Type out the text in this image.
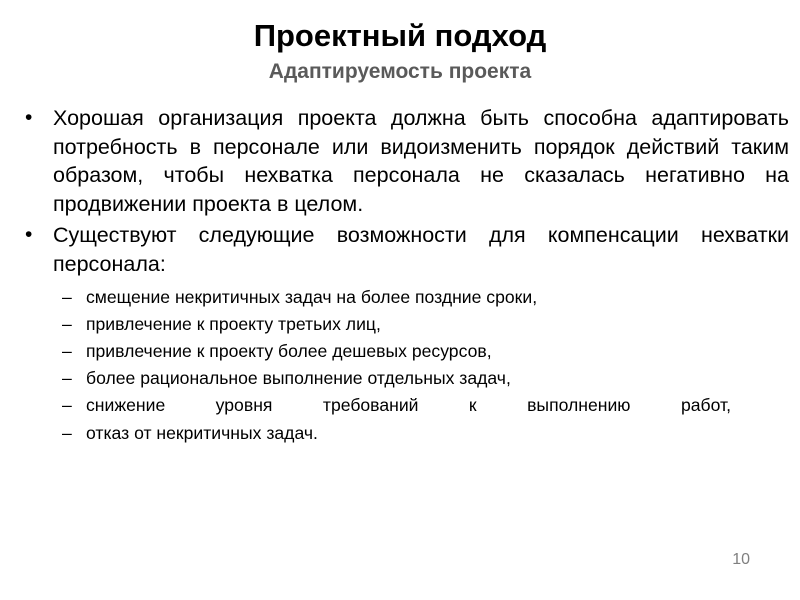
Проектный подход
Адаптируемость проекта
• Хорошая организация проекта должна быть способна адаптировать потребность в персонале или видоизменить порядок действий таким образом, чтобы нехватка персонала не сказалась негативно на продвижении проекта в целом.
• Существуют следующие возможности для компенсации нехватки персонала:
– смещение некритичных задач на более поздние сроки,
– привлечение к проекту третьих лиц,
– привлечение к проекту более дешевых ресурсов,
– более рациональное выполнение отдельных задач,
– снижение уровня требований к выполнению работ,
– отказ от некритичных задач.
10
